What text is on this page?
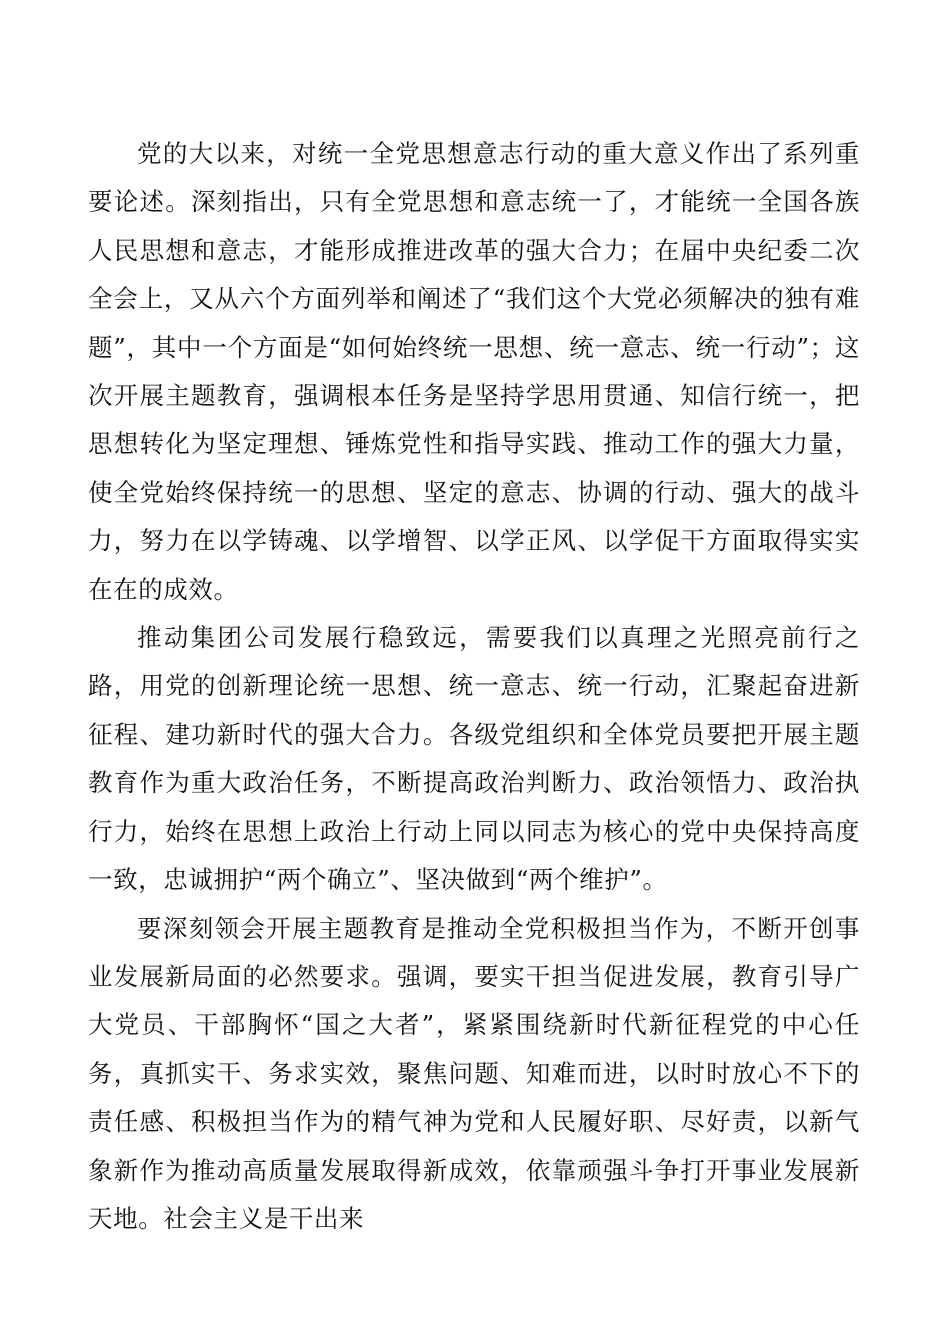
党的大以来，对统一全党思想意志行动的重大意义作出了系列重要论述。深刻指出，只有全党思想和意志统一了，才能统一全国各族人民思想和意志，才能形成推进改革的强大合力；在届中央纪委二次全会上，又从六个方面列举和阐述了“我们这个大党必须解决的独有难题”，其中一个方面是“如何始终统一思想、统一意志、统一行动”；这次开展主题教育，强调根本任务是坚持学思用贯通、知信行统一，把思想转化为坚定理想、锤炼党性和指导实践、推动工作的强大力量，使全党始终保持统一的思想、坚定的意志、协调的行动、强大的战斗力，努力在以学铸魂、以学增智、以学正风、以学促干方面取得实实在在的成效。

推动集团公司发展行稳致远，需要我们以真理之光照亮前行之路，用党的创新理论统一思想、统一意志、统一行动，汇聚起奋进新征程、建功新时代的强大合力。各级党组织和全体党员要把开展主题教育作为重大政治任务，不断提高政治判断力、政治领悟力、政治执行力，始终在思想上政治上行动上同以同志为核心的党中央保持高度一致，忠诚拥护“两个确立”、坚决做到“两个维护”。

要深刻领会开展主题教育是推动全党积极担当作为，不断开创事业发展新局面的必然要求。强调，要实干担当促进发展，教育引导广大党员、干部胸怀“国之大者”，紧紧围绕新时代新征程党的中心任务，真抓实干、务求实效，聚焦问题、知难而进，以时时放心不下的责任感、积极担当作为的精气神为党和人民履好职、尽好责，以新气象新作为推动高质量发展取得新成效，依靠顽强斗争打开事业发展新天地。社会主义是干出来
